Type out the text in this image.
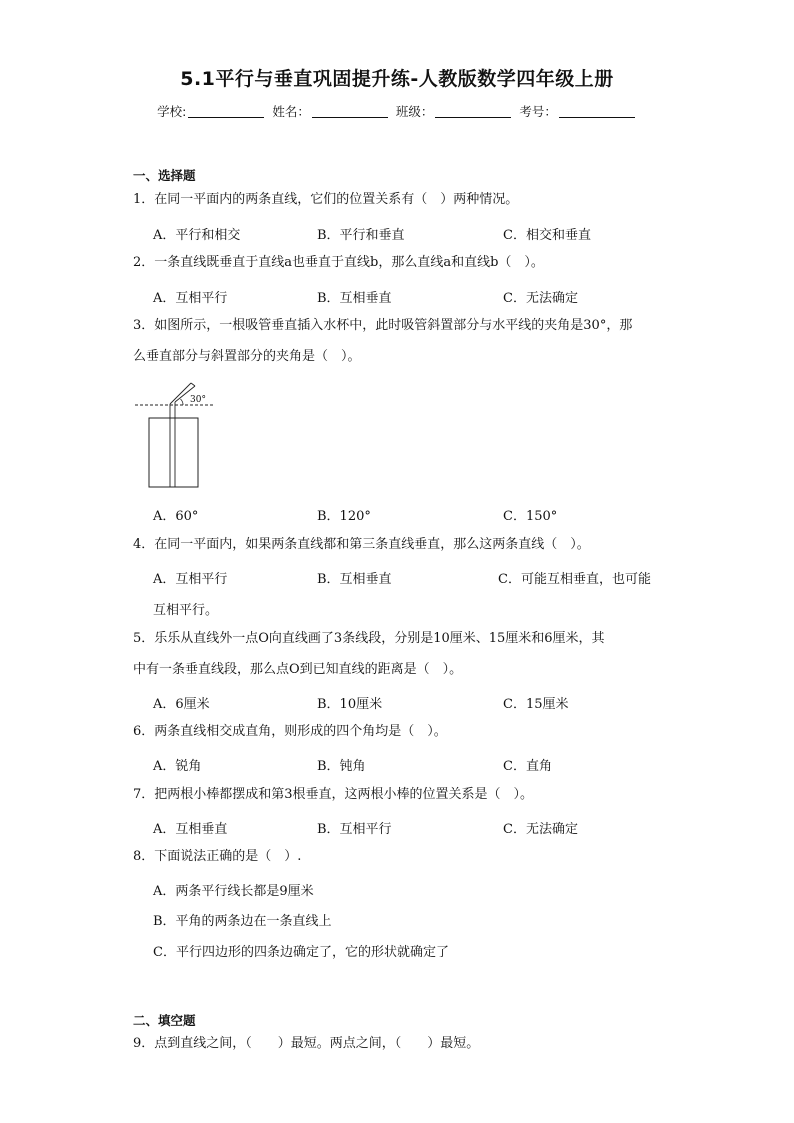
5.1平行与垂直巩固提升练-人教版数学四年级上册
学校:	姓名：	班级：	考号：
一、选择题
1．在同一平面内的两条直线，它们的位置关系有（　）两种情况。
A．平行和相交	B．平行和垂直	C．相交和垂直
2．一条直线既垂直于直线a也垂直于直线b，那么直线a和直线b（　）。
A．互相平行	B．互相垂直	C．无法确定
3．如图所示，一根吸管垂直插入水杯中，此时吸管斜置部分与水平线的夹角是30°，那
么垂直部分与斜置部分的夹角是（　）。
30°
A．60°	B．120°	C．150°
4．在同一平面内，如果两条直线都和第三条直线垂直，那么这两条直线（　）。
A．互相平行	B．互相垂直	C．可能互相垂直，也可能
互相平行。
5．乐乐从直线外一点O向直线画了3条线段，分别是10厘米、15厘米和6厘米，其
中有一条垂直线段，那么点O到已知直线的距离是（　）。
A．6厘米	B．10厘米	C．15厘米
6．两条直线相交成直角，则形成的四个角均是（　）。
A．锐角	B．钝角	C．直角
7．把两根小棒都摆成和第3根垂直，这两根小棒的位置关系是（　）。
A．互相垂直	B．互相平行	C．无法确定
8．下面说法正确的是（　）.
A．两条平行线长都是9厘米
B．平角的两条边在一条直线上
C．平行四边形的四条边确定了，它的形状就确定了
二、填空题
9．点到直线之间，（　　）最短。两点之间，（　　）最短。
